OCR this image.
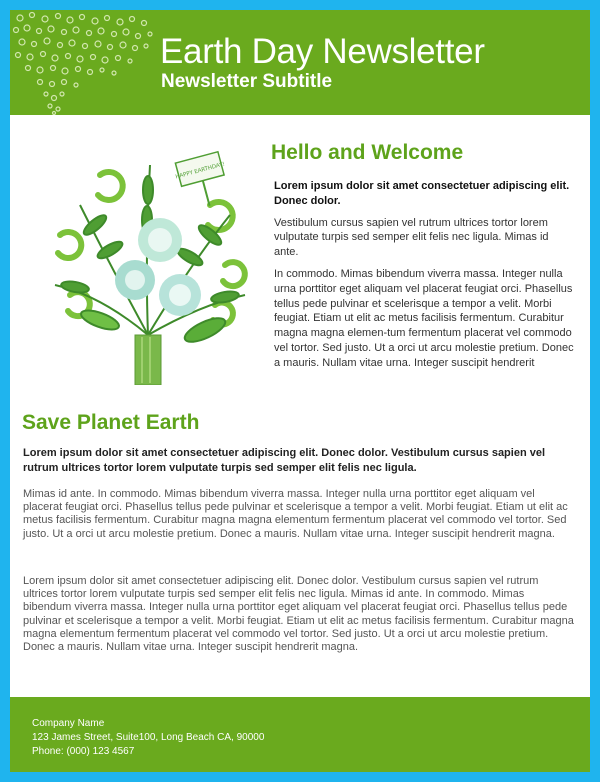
Earth Day Newsletter
Newsletter Subtitle
HAPPY EARTHDAY!
Hello and Welcome

Lorem ipsum dolor sit amet consectetuer adipiscing elit. Donec dolor.

Vestibulum cursus sapien vel rutrum ultrices tortor lorem vulputate turpis sed semper elit felis nec ligula. Mimas id ante.

In commodo. Mimas bibendum viverra massa. Integer nulla urna porttitor eget aliquam vel placerat feugiat orci. Phasellus tellus pede pulvinar et scelerisque a tempor a velit. Morbi feugiat. Etiam ut elit ac metus facilisis fermentum. Curabitur magna magna elemen-tum fermentum placerat vel commodo vel tortor. Sed justo. Ut a orci ut arcu molestie pretium. Donec a mauris. Nullam vitae urna. Integer suscipit hendrerit

Save Planet Earth

Lorem ipsum dolor sit amet consectetuer adipiscing elit. Donec dolor. Vestibulum cursus sapien vel rutrum ultrices tortor lorem vulputate turpis sed semper elit felis nec ligula.

Mimas id ante. In commodo. Mimas bibendum viverra massa. Integer nulla urna porttitor eget aliquam vel placerat feugiat orci. Phasellus tellus pede pulvinar et scelerisque a tempor a velit. Morbi feugiat. Etiam ut elit ac metus facilisis fermentum. Curabitur magna magna elementum fermentum placerat vel commodo vel tortor. Sed justo. Ut a orci ut arcu molestie pretium. Donec a mauris. Nullam vitae urna. Integer suscipit hendrerit magna.

Lorem ipsum dolor sit amet consectetuer adipiscing elit. Donec dolor. Vestibulum cursus sapien vel rutrum ultrices tortor lorem vulputate turpis sed semper elit felis nec ligula. Mimas id ante. In commodo. Mimas bibendum viverra massa. Integer nulla urna porttitor eget aliquam vel placerat feugiat orci. Phasellus tellus pede pulvinar et scelerisque a tempor a velit. Morbi feugiat. Etiam ut elit ac metus facilisis fermentum. Curabitur magna magna elementum fermentum placerat vel commodo vel tortor. Sed justo. Ut a orci ut arcu molestie pretium. Donec a mauris. Nullam vitae urna. Integer suscipit hendrerit magna.

Company Name
123 James Street, Suite100, Long Beach CA, 90000
Phone: (000) 123 4567
